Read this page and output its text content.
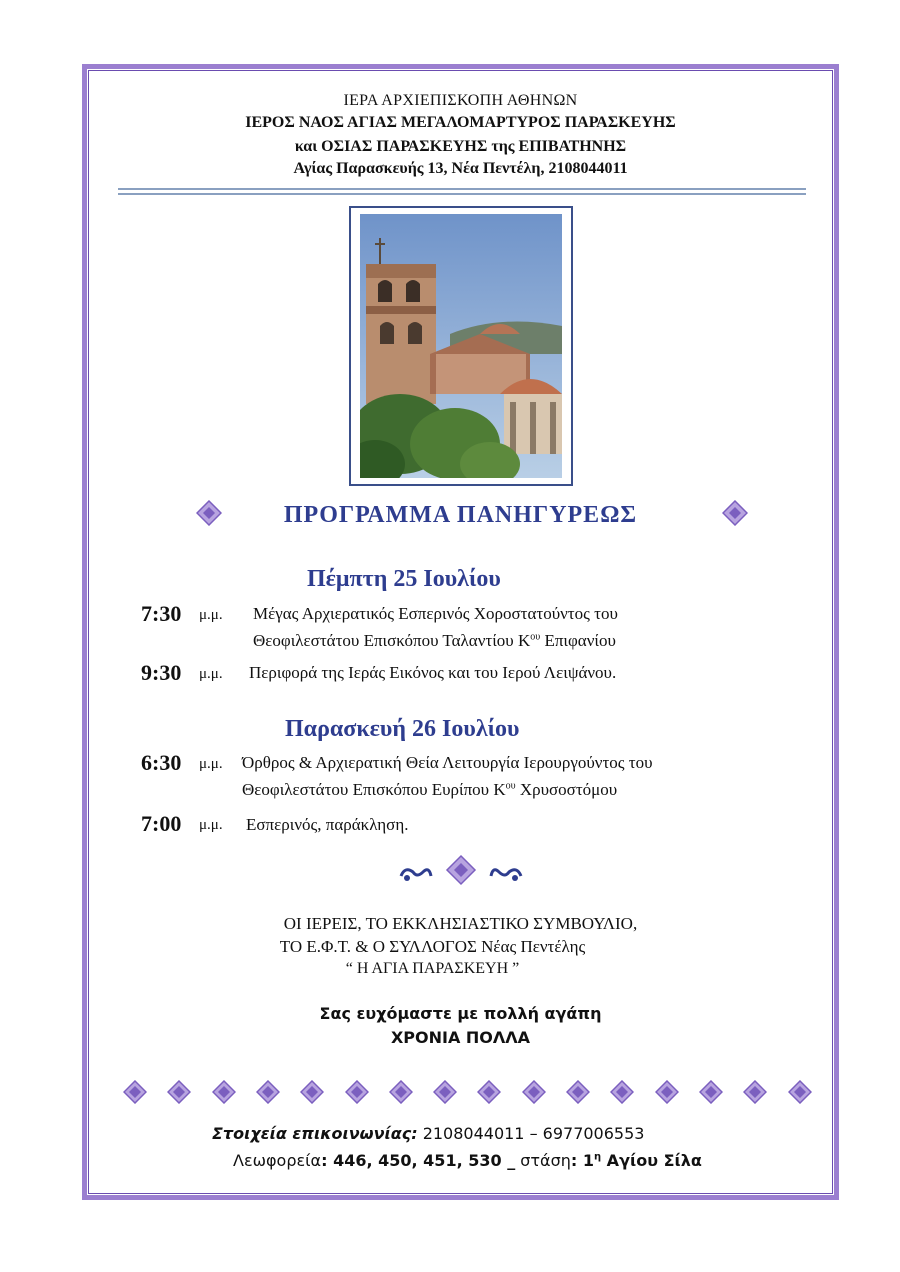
ΙΕΡΑ ΑΡΧΙΕΠΙΣΚΟΠΗ ΑΘΗΝΩΝ
ΙΕΡΟΣ ΝΑΟΣ ΑΓΙΑΣ ΜΕΓΑΛΟΜΑΡΤΥΡΟΣ ΠΑΡΑΣΚΕΥΗΣ
και ΟΣΙΑΣ ΠΑΡΑΣΚΕΥΗΣ της ΕΠΙΒΑΤΗΝΗΣ
Αγίας Παρασκευής 13, Νέα Πεντέλη, 2108044011
ΠΡΟΓΡΑΜΜΑ ΠΑΝΗΓΥΡΕΩΣ
Πέμπτη 25 Ιουλίου
7:30 μ.μ. Μέγας Αρχιερατικός Εσπερινός Χοροστατούντος του
Θεοφιλεστάτου Επισκόπου Ταλαντίου $K^{o\upsilon}$ Επιφανίου
9:30 μ.μ. Περιφορά της Ιεράς Εικόνος και του Ιερού Λειψάνου.
Παρασκευή 26 Ιουλίου
6:30 μ.μ. Όρθρος & Αρχιερατική Θεία Λειτουργία Ιερουργούντος του
Θεοφιλεστάτου Επισκόπου Ευρίπου $K^{o\upsilon}$ Χρυσοστόμου
7:00 μ.μ. Εσπερινός, παράκληση.
ΟΙ ΙΕΡΕΙΣ, ΤΟ ΕΚΚΛΗΣΙΑΣΤΙΚΟ ΣΥΜΒΟΥΛΙΟ,
ΤΟ Ε.Φ.Τ. & Ο ΣΥΛΛΟΓΟΣ Νέας Πεντέλης
“ Η ΑΓΙΑ ΠΑΡΑΣΚΕΥΗ ”
Σας ευχόμαστε με πολλή αγάπη
ΧΡΟΝΙΑ ΠΟΛΛΑ
Στοιχεία επικοινωνίας: 2108044011 – 6977006553
Λεωφορεία: 446, 450, 451, 530 _ στάση: $1^\eta$ Αγίου Σίλα
